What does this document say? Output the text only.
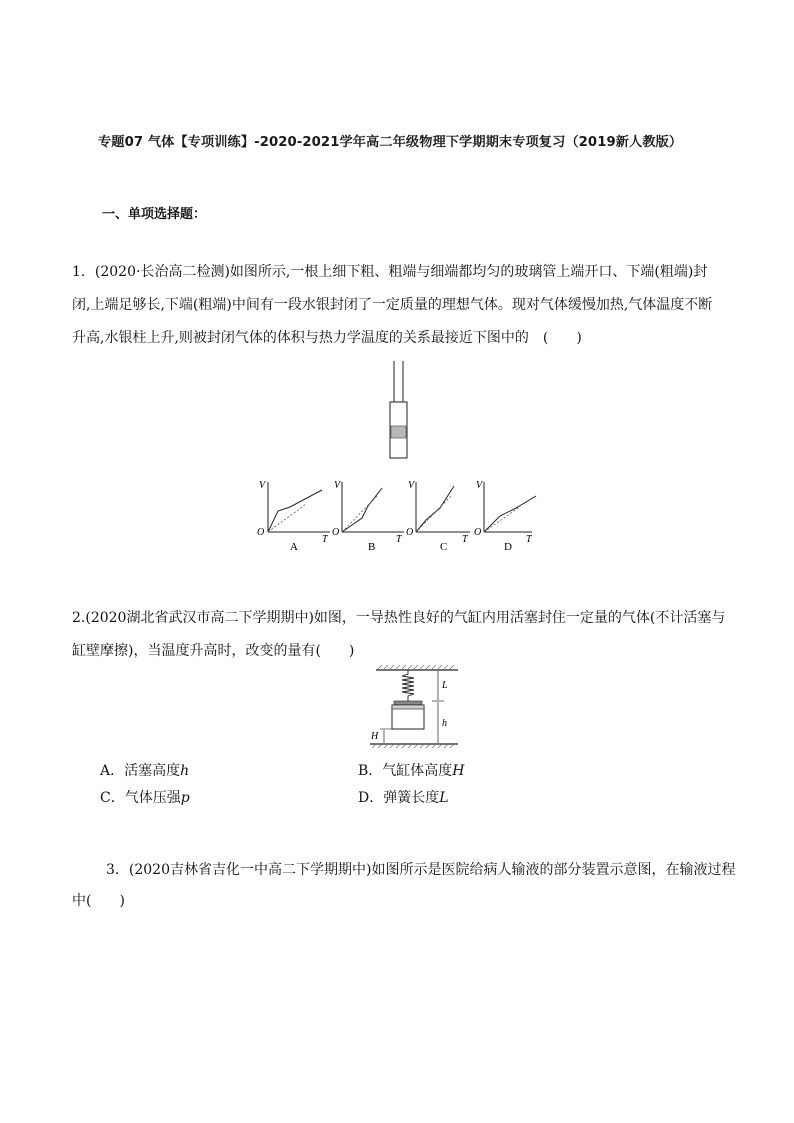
专题07 气体【专项训练】-2020-2021学年高二年级物理下学期期末专项复习（2019新人教版）
一、单项选择题：
1．(2020·长治高二检测)如图所示,一根上细下粗、粗端与细端都均匀的玻璃管上端开口、下端(粗端)封
闭,上端足够长,下端(粗端)中间有一段水银封闭了一定质量的理想气体。现对气体缓慢加热,气体温度不断
升高,水银柱上升,则被封闭气体的体积与热力学温度的关系最接近下图中的　(　　)
V
T
O
A
V
T
O
B
V
T
O
C
V
T
O
D
2.(2020湖北省武汉市高二下学期期中)如图，一导热性良好的气缸内用活塞封住一定量的气体(不计活塞与
缸壁摩擦)，当温度升高时，改变的量有(　　)
L
h
H
A．活塞高度h	B．气缸体高度H
C．气体压强p	D．弹簧长度L
3．(2020吉林省吉化一中高二下学期期中)如图所示是医院给病人输液的部分装置示意图，在输液过程
中(　　)
